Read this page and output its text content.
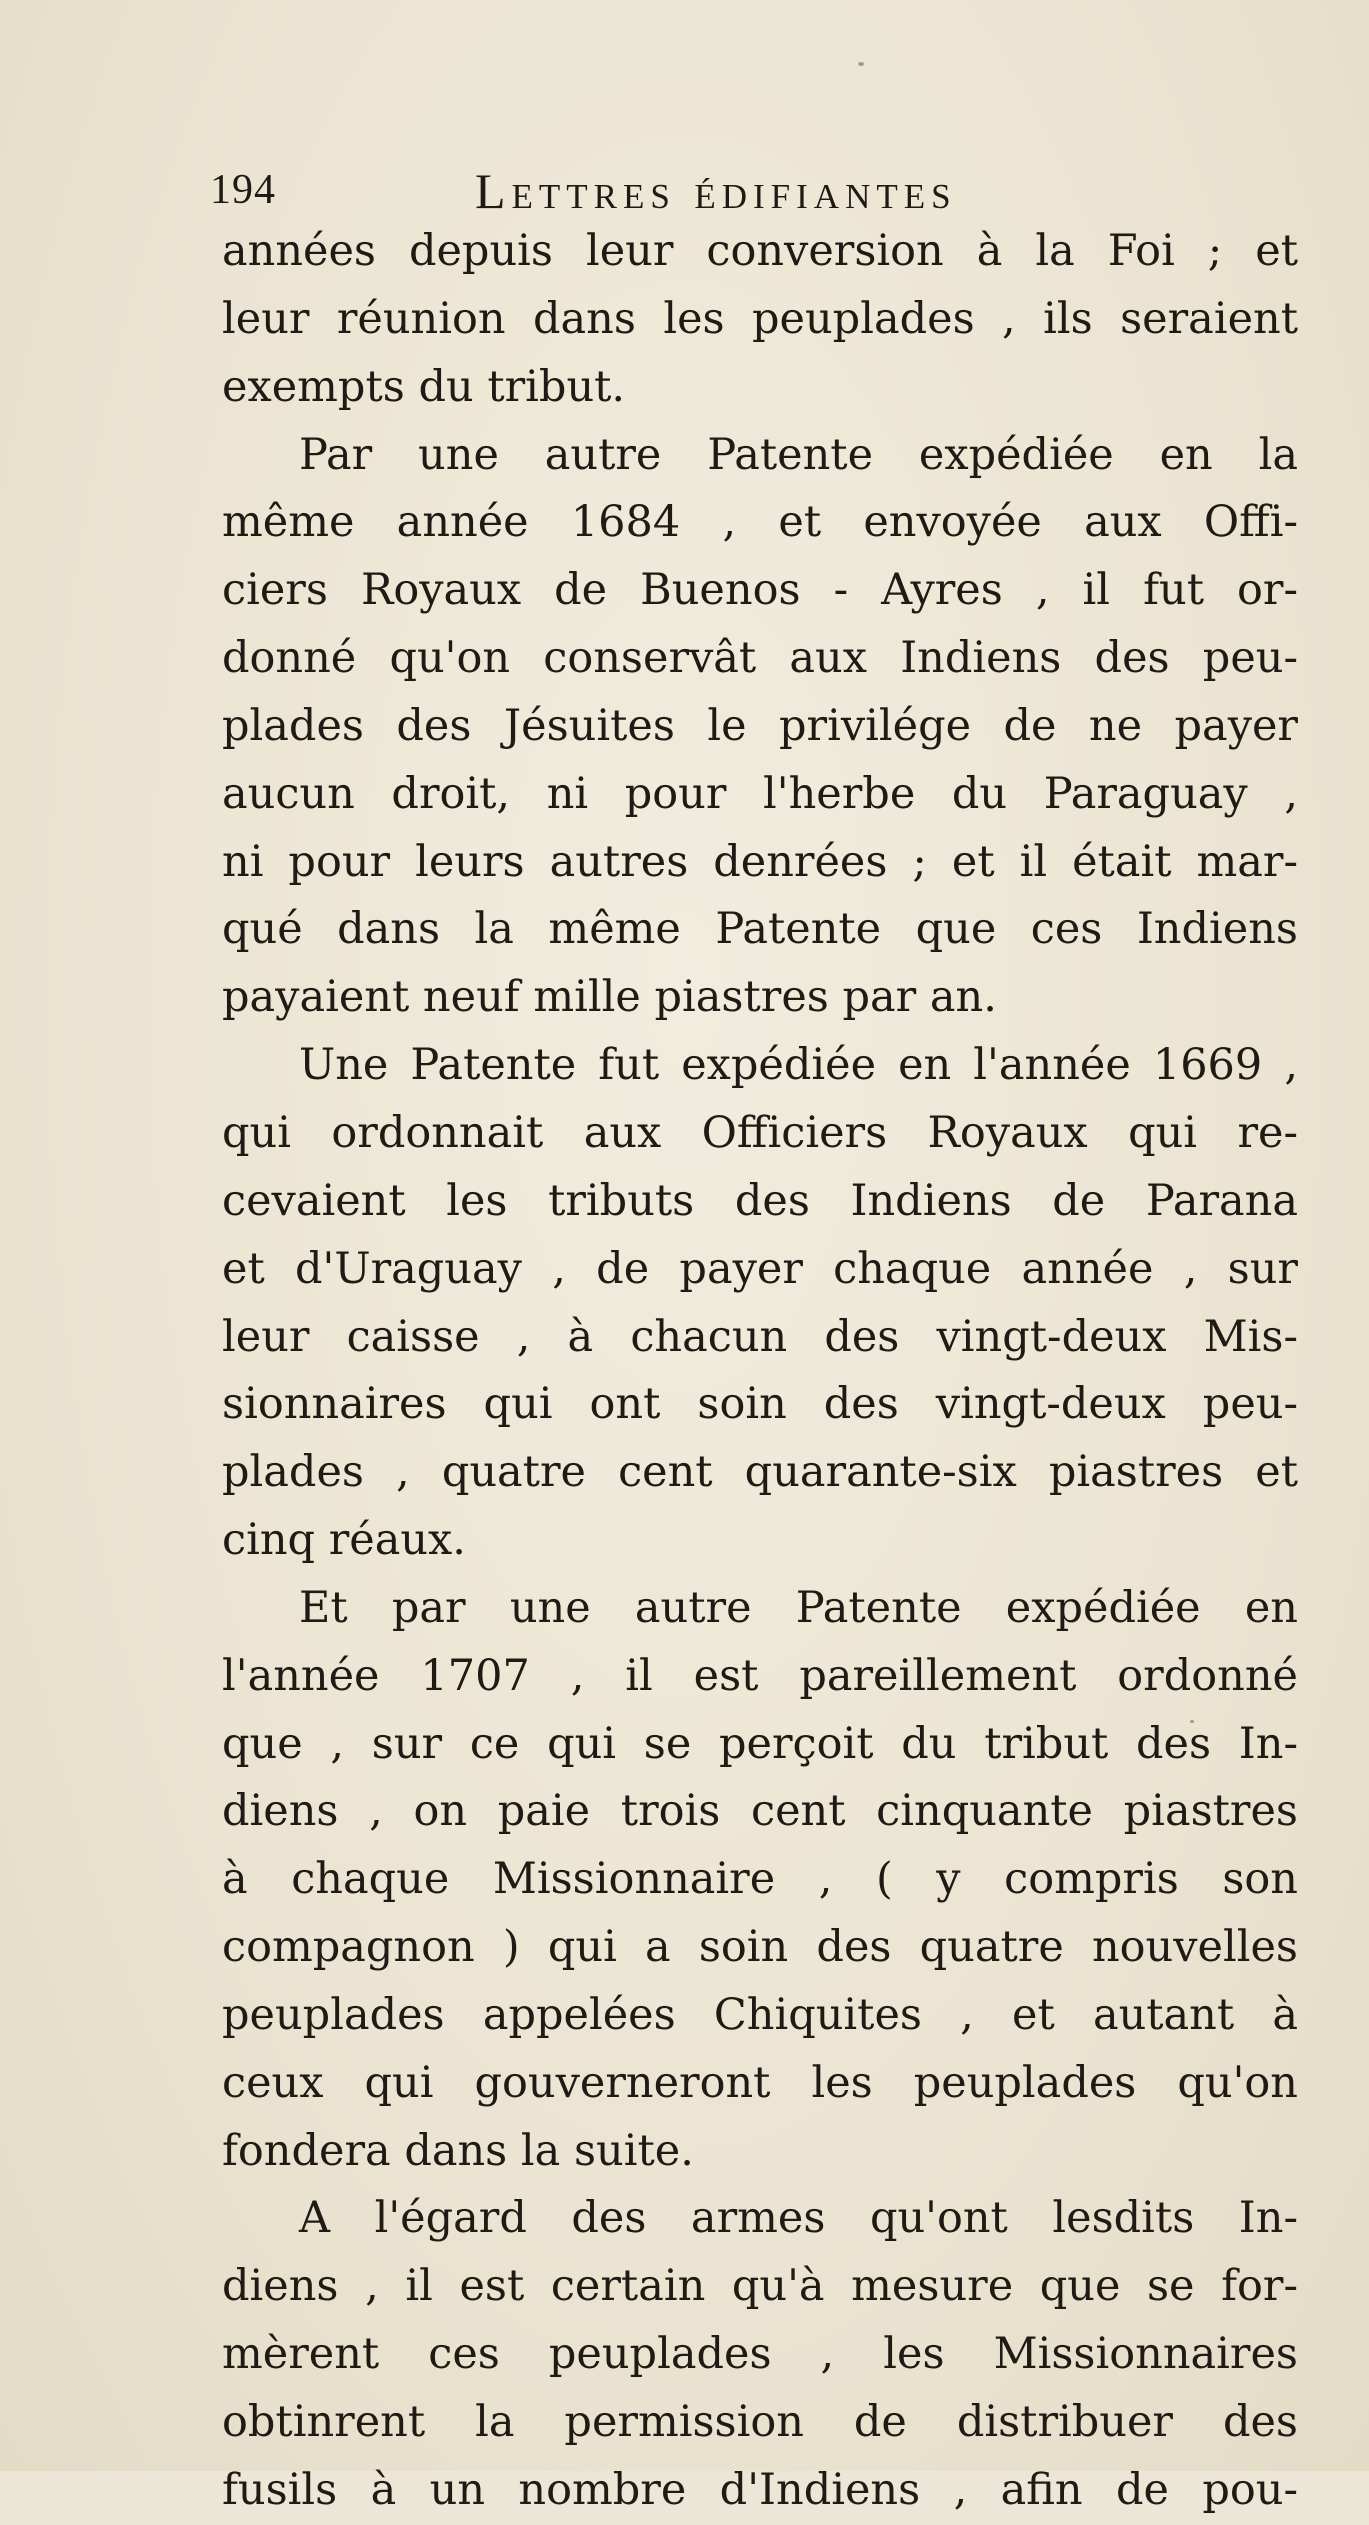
194	Lettres édifiantes
années depuis leur conversion à la Foi ; et
leur réunion dans les peuplades , ils seraient
exempts du tribut.
Par une autre Patente expédiée en la
même année 1684 , et envoyée aux Offi-
ciers Royaux de Buenos - Ayres , il fut or-
donné qu'on conservât aux Indiens des peu-
plades des Jésuites le privilége de ne payer
aucun droit, ni pour l'herbe du Paraguay ,
ni pour leurs autres denrées ; et il était mar-
qué dans la même Patente que ces Indiens
payaient neuf mille piastres par an.
Une Patente fut expédiée en l'année 1669 ,
qui ordonnait aux Officiers Royaux qui re-
cevaient les tributs des Indiens de Parana
et d'Uraguay , de payer chaque année , sur
leur caisse , à chacun des vingt-deux Mis-
sionnaires qui ont soin des vingt-deux peu-
plades , quatre cent quarante-six piastres et
cinq réaux.
Et par une autre Patente expédiée en
l'année 1707 , il est pareillement ordonné
que , sur ce qui se perçoit du tribut des In-
diens , on paie trois cent cinquante piastres
à chaque Missionnaire , ( y compris son
compagnon ) qui a soin des quatre nouvelles
peuplades appelées Chiquites , et autant à
ceux qui gouverneront les peuplades qu'on
fondera dans la suite.
A l'égard des armes qu'ont lesdits In-
diens , il est certain qu'à mesure que se for-
mèrent ces peuplades , les Missionnaires
obtinrent la permission de distribuer des
fusils à un nombre d'Indiens , afin de pou-
